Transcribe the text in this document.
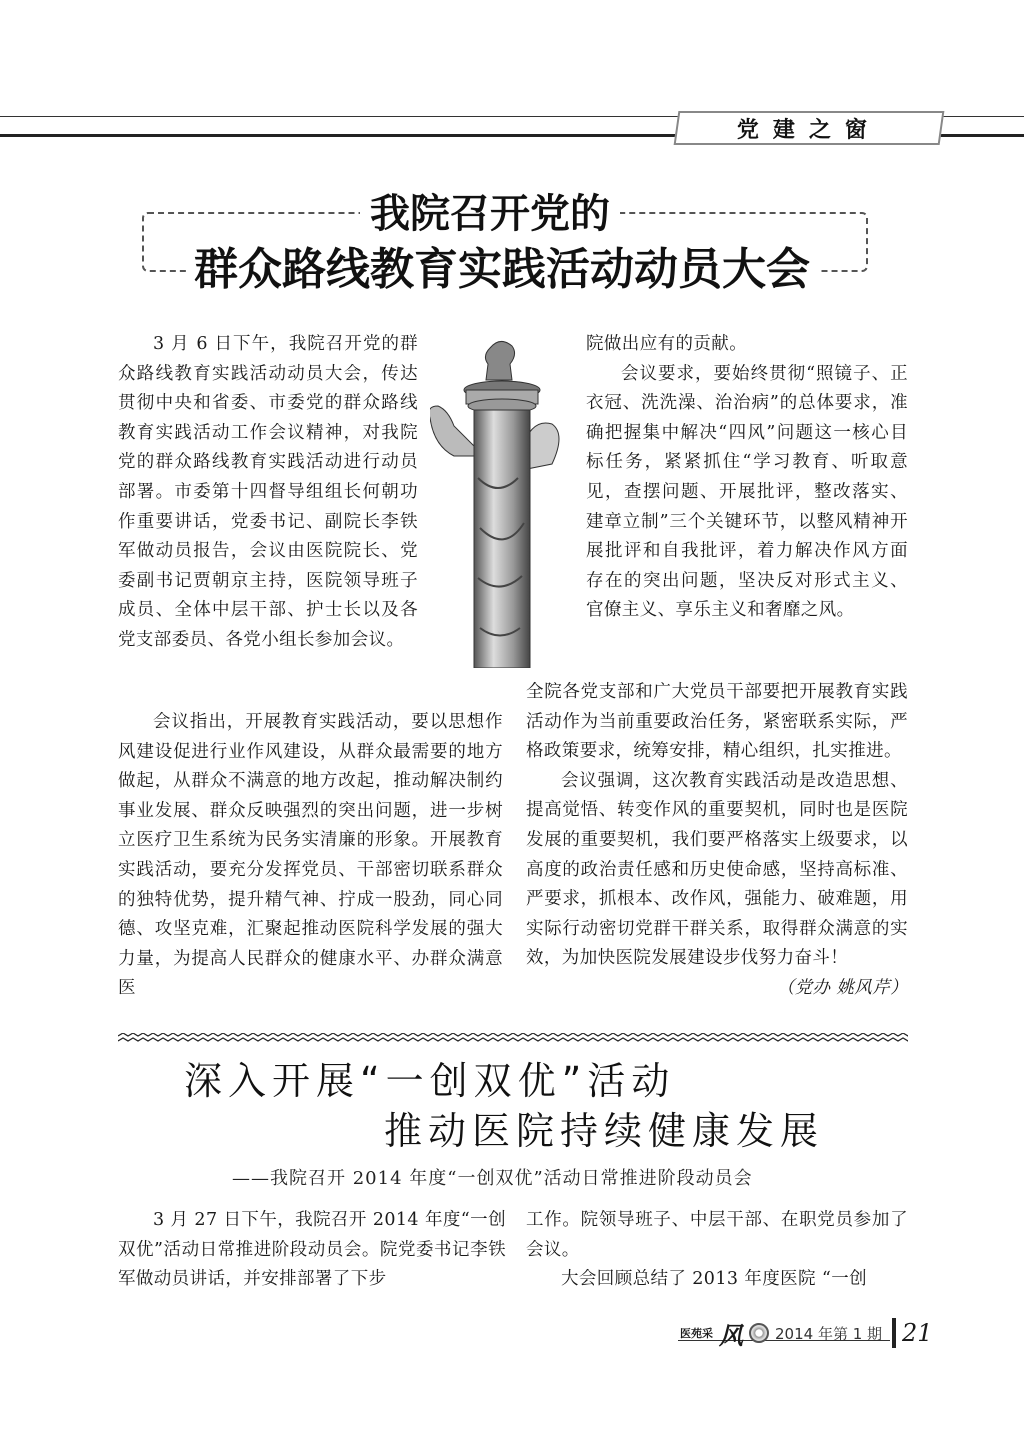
党建之窗
我院召开党的
群众路线教育实践活动动员大会

3 月 6 日下午，我院召开党的群众路线教育实践活动动员大会，传达贯彻中央和省委、市委党的群众路线教育实践活动工作会议精神，对我院党的群众路线教育实践活动进行动员部署。市委第十四督导组组长何朝功作重要讲话，党委书记、副院长李铁军做动员报告，会议由医院院长、党委副书记贾朝京主持，医院领导班子成员、全体中层干部、护士长以及各党支部委员、各党小组长参加会议。

会议指出，开展教育实践活动，要以思想作风建设促进行业作风建设，从群众最需要的地方做起，从群众不满意的地方改起，推动解决制约事业发展、群众反映强烈的突出问题，进一步树立医疗卫生系统为民务实清廉的形象。开展教育实践活动，要充分发挥党员、干部密切联系群众的独特优势，提升精气神、拧成一股劲，同心同德、攻坚克难，汇聚起推动医院科学发展的强大力量，为提高人民群众的健康水平、办群众满意医

院做出应有的贡献。

会议要求，要始终贯彻“照镜子、正衣冠、洗洗澡、治治病”的总体要求，准确把握集中解决“四风”问题这一核心目标任务，紧紧抓住“学习教育、听取意见，查摆问题、开展批评，整改落实、建章立制”三个关键环节，以整风精神开展批评和自我批评，着力解决作风方面存在的突出问题，坚决反对形式主义、官僚主义、享乐主义和奢靡之风。

全院各党支部和广大党员干部要把开展教育实践活动作为当前重要政治任务，紧密联系实际，严格政策要求，统筹安排，精心组织，扎实推进。

会议强调，这次教育实践活动是改造思想、提高觉悟、转变作风的重要契机，同时也是医院发展的重要契机，我们要严格落实上级要求，以高度的政治责任感和历史使命感，坚持高标准、严要求，抓根本、改作风，强能力、破难题，用实际行动密切党群干群关系，取得群众满意的实效，为加快医院发展建设步伐努力奋斗！
（党办 姚风芹）

深入开展“一创双优”活动
推动医院持续健康发展
——我院召开 2014 年度“一创双优”活动日常推进阶段动员会

3 月 27 日下午，我院召开 2014 年度“一创双优”活动日常推进阶段动员会。院党委书记李铁军做动员讲话，并安排部署了下步

工作。院领导班子、中层干部、在职党员参加了会议。

大会回顾总结了 2013 年度医院 “一创

医苑采 风 2014 年第 1 期 21
